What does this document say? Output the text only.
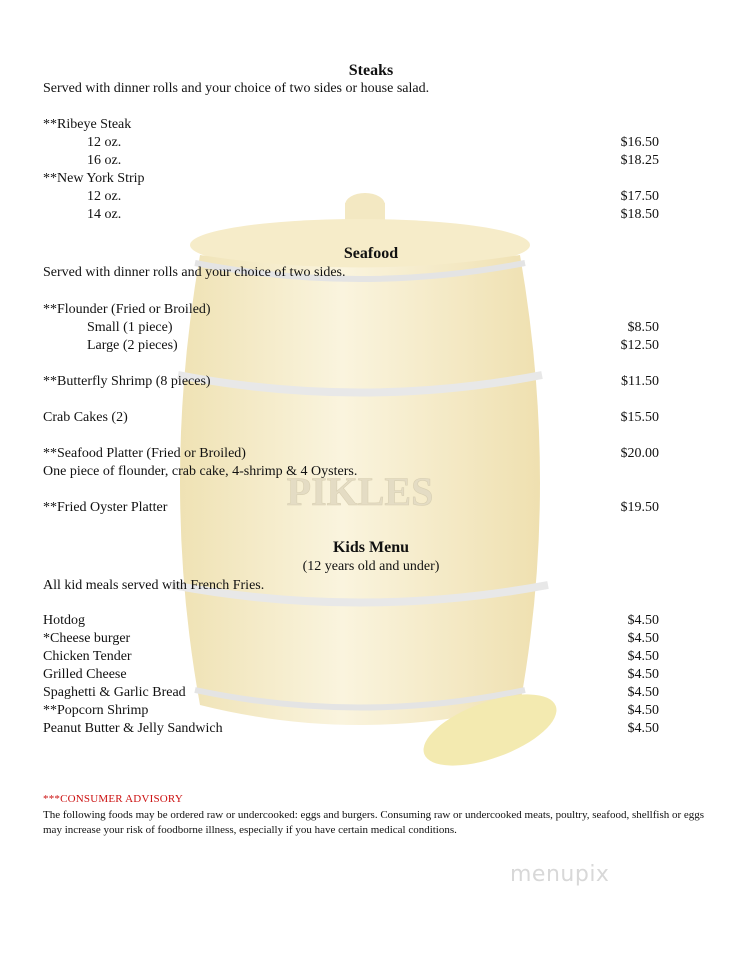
PIKLES
Steaks
Served with dinner rolls and your choice of two sides or house salad.
**Ribeye Steak
12 oz.	$16.50
16 oz.	$18.25
**New York Strip
12 oz.	$17.50
14 oz.	$18.50
Seafood
Served with dinner rolls and your choice of two sides.
**Flounder (Fried or Broiled)
Small (1 piece)	$8.50
Large (2 pieces)	$12.50
**Butterfly Shrimp (8 pieces)	$11.50
Crab Cakes (2)	$15.50
**Seafood Platter (Fried or Broiled)	$20.00
One piece of flounder, crab cake, 4-shrimp & 4 Oysters.
**Fried Oyster Platter	$19.50
Kids Menu
(12 years old and under)
All kid meals served with French Fries.
Hotdog	$4.50
*Cheese burger	$4.50
Chicken Tender	$4.50
Grilled Cheese	$4.50
Spaghetti & Garlic Bread	$4.50
**Popcorn Shrimp	$4.50
Peanut Butter & Jelly Sandwich	$4.50
***CONSUMER ADVISORY
The following foods may be ordered raw or undercooked: eggs and burgers. Consuming raw or undercooked meats, poultry, seafood, shellfish or eggs may increase your risk of foodborne illness, especially if you have certain medical conditions.
menupix
